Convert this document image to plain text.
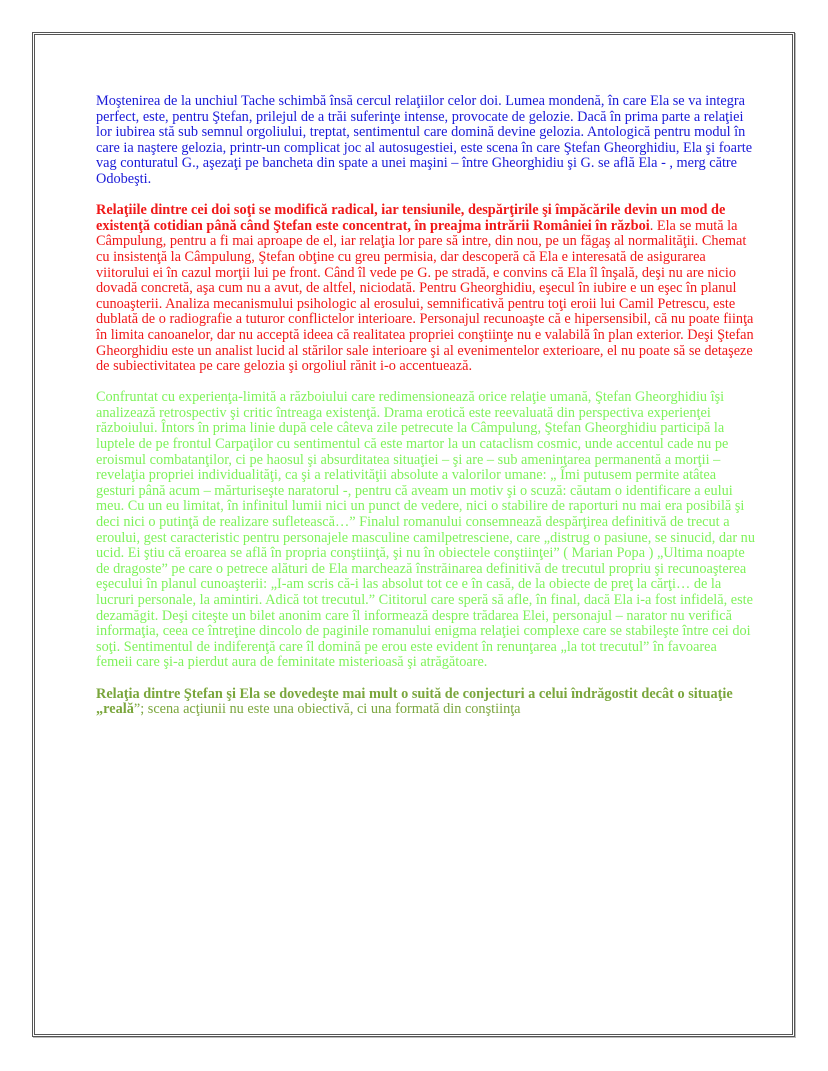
Moştenirea de la unchiul Tache schimbă însă cercul relaţiilor celor doi. Lumea mondenă, în care Ela se va integra perfect, este, pentru Ştefan, prilejul de a trăi suferinţe intense, provocate de gelozie. Dacă în prima parte a relaţiei lor iubirea stă sub semnul orgoliului, treptat, sentimentul care domină devine gelozia. Antologică pentru modul în care ia naştere gelozia, printr-un complicat joc al autosugestiei, este scena în care Ştefan Gheorghidiu, Ela şi foarte vag conturatul G., aşezaţi pe bancheta din spate a unei maşini – între Gheorghidiu şi G. se află Ela - , merg către Odobeşti.

Relaţiile dintre cei doi soţi se modifică radical, iar tensiunile, despărţirile şi împăcările devin un mod de existenţă cotidian până când Ştefan este concentrat, în preajma intrării României în război. Ela se mută la Câmpulung, pentru a fi mai aproape de el, iar relaţia lor pare să intre, din nou, pe un făgaş al normalităţii. Chemat cu insistenţă la Câmpulung, Ştefan obţine cu greu permisia, dar descoperă că Ela e interesată de asigurarea viitorului ei în cazul morţii lui pe front. Când îl vede pe G. pe stradă, e convins că Ela îl înşală, deşi nu are nicio dovadă concretă, aşa cum nu a avut, de altfel, niciodată. Pentru Gheorghidiu, eşecul în iubire e un eşec în planul cunoaşterii. Analiza mecanismului psihologic al erosului, semnificativă pentru toţi eroii lui Camil Petrescu, este dublată de o radiografie a tuturor conflictelor interioare. Personajul recunoaşte că e hipersensibil, că nu poate fiinţa în limita canoanelor, dar nu acceptă ideea că realitatea propriei conştiinţe nu e valabilă în plan exterior. Deşi Ştefan Gheorghidiu este un analist lucid al stărilor sale interioare şi al evenimentelor exterioare, el nu poate să se detaşeze de subiectivitatea pe care gelozia şi orgoliul rănit i-o accentuează.

Confruntat cu experienţa-limită a războiului care redimensionează orice relaţie umană, Ştefan Gheorghidiu îşi analizează retrospectiv şi critic întreaga existenţă. Drama erotică este reevaluată din perspectiva experienţei războiului. Întors în prima linie după cele câteva zile petrecute la Câmpulung, Ştefan Gheorghidiu participă la luptele de pe frontul Carpaţilor cu sentimentul că este martor la un cataclism cosmic, unde accentul cade nu pe eroismul combatanţilor, ci pe haosul şi absurditatea situaţiei – şi are – sub ameninţarea permanentă a morţii – revelaţia propriei individualităţi, ca şi a relativităţii absolute a valorilor umane: „ Îmi putusem permite atâtea gesturi până acum – mărturiseşte naratorul -, pentru că aveam un motiv şi o scuză: căutam o identificare a eului meu. Cu un eu limitat, în infinitul lumii nici un punct de vedere, nici o stabilire de raporturi nu mai era posibilă şi deci nici o putinţă de realizare sufletească…” Finalul romanului consemnează despărţirea definitivă de trecut a eroului, gest caracteristic pentru personajele masculine camilpetresciene, care „distrug o pasiune, se sinucid, dar nu ucid. Ei ştiu că eroarea se află în propria conştiinţă, şi nu în obiectele conştiinţei” ( Marian Popa ) „Ultima noapte de dragoste” pe care o petrece alături de Ela marchează înstrăinarea definitivă de trecutul propriu şi recunoaşterea eşecului în planul cunoaşterii: „I-am scris că-i las absolut tot ce e în casă, de la obiecte de preţ la cărţi… de la lucruri personale, la amintiri. Adică tot trecutul.” Cititorul care speră să afle, în final, dacă Ela i-a fost infidelă, este dezamăgit. Deşi citeşte un bilet anonim care îl informează despre trădarea Elei, personajul – narator nu verifică informaţia, ceea ce întreţine dincolo de paginile romanului enigma relaţiei complexe care se stabileşte între cei doi soţi. Sentimentul de indiferenţă care îl domină pe erou este evident în renunţarea „la tot trecutul” în favoarea femeii care şi-a pierdut aura de feminitate misterioasă şi atrăgătoare.

Relaţia dintre Ştefan şi Ela se dovedeşte mai mult o suită de conjecturi a celui îndrăgostit decât o situaţie „reală”; scena acţiunii nu este una obiectivă, ci una formată din conştiinţa
